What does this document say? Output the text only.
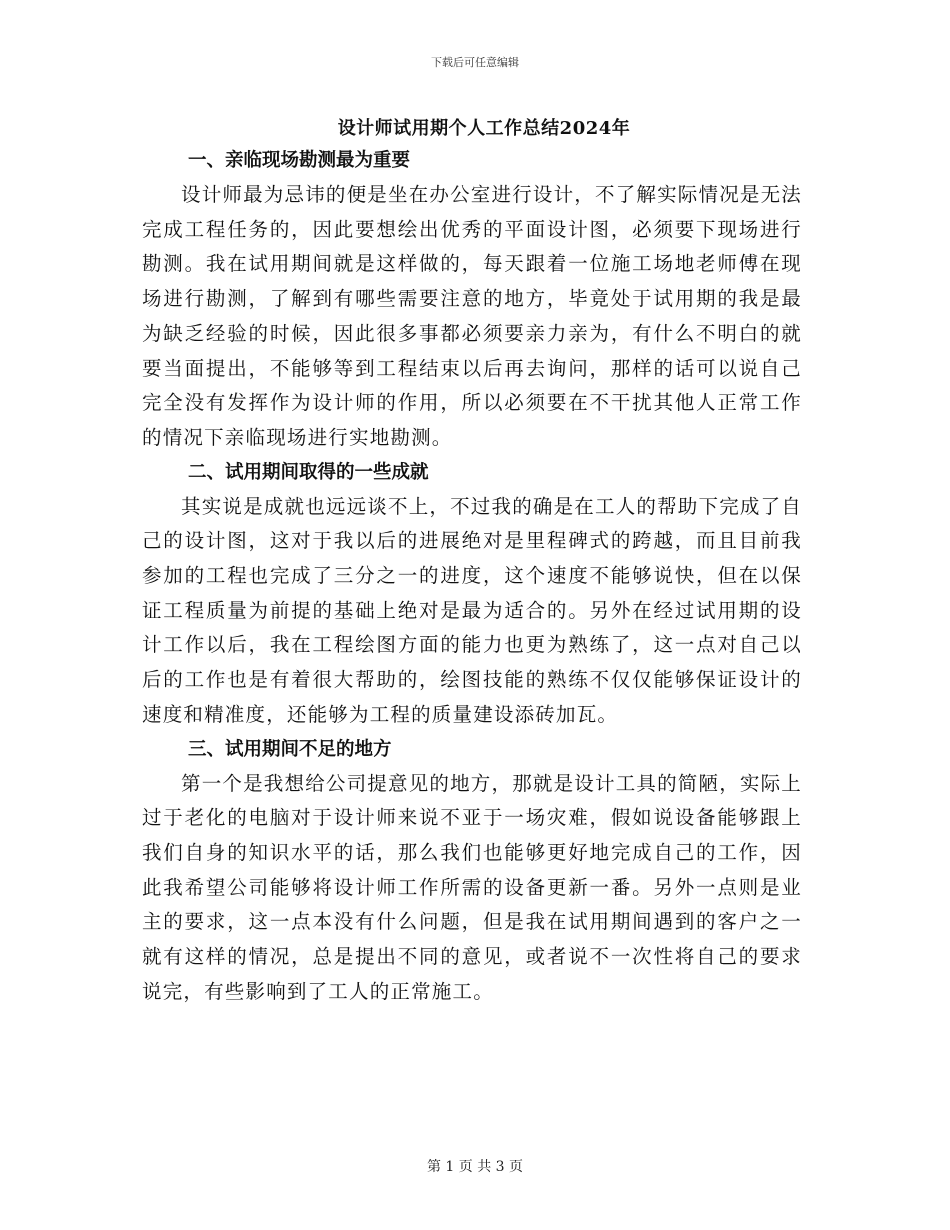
下载后可任意编辑
设计师试用期个人工作总结2024年
一、亲临现场勘测最为重要

设计师最为忌讳的便是坐在办公室进行设计，不了解实际情况是无法完成工程任务的，因此要想绘出优秀的平面设计图，必须要下现场进行勘测。我在试用期间就是这样做的，每天跟着一位施工场地老师傅在现场进行勘测，了解到有哪些需要注意的地方，毕竟处于试用期的我是最为缺乏经验的时候，因此很多事都必须要亲力亲为，有什么不明白的就要当面提出，不能够等到工程结束以后再去询问，那样的话可以说自己完全没有发挥作为设计师的作用，所以必须要在不干扰其他人正常工作的情况下亲临现场进行实地勘测。

二、试用期间取得的一些成就

其实说是成就也远远谈不上，不过我的确是在工人的帮助下完成了自己的设计图，这对于我以后的进展绝对是里程碑式的跨越，而且目前我参加的工程也完成了三分之一的进度，这个速度不能够说快，但在以保证工程质量为前提的基础上绝对是最为适合的。另外在经过试用期的设计工作以后，我在工程绘图方面的能力也更为熟练了，这一点对自己以后的工作也是有着很大帮助的，绘图技能的熟练不仅仅能够保证设计的速度和精准度，还能够为工程的质量建设添砖加瓦。

三、试用期间不足的地方

第一个是我想给公司提意见的地方，那就是设计工具的简陋，实际上过于老化的电脑对于设计师来说不亚于一场灾难，假如说设备能够跟上我们自身的知识水平的话，那么我们也能够更好地完成自己的工作，因此我希望公司能够将设计师工作所需的设备更新一番。另外一点则是业主的要求，这一点本没有什么问题，但是我在试用期间遇到的客户之一就有这样的情况，总是提出不同的意见，或者说不一次性将自己的要求说完，有些影响到了工人的正常施工。

第 1 页 共 3 页
